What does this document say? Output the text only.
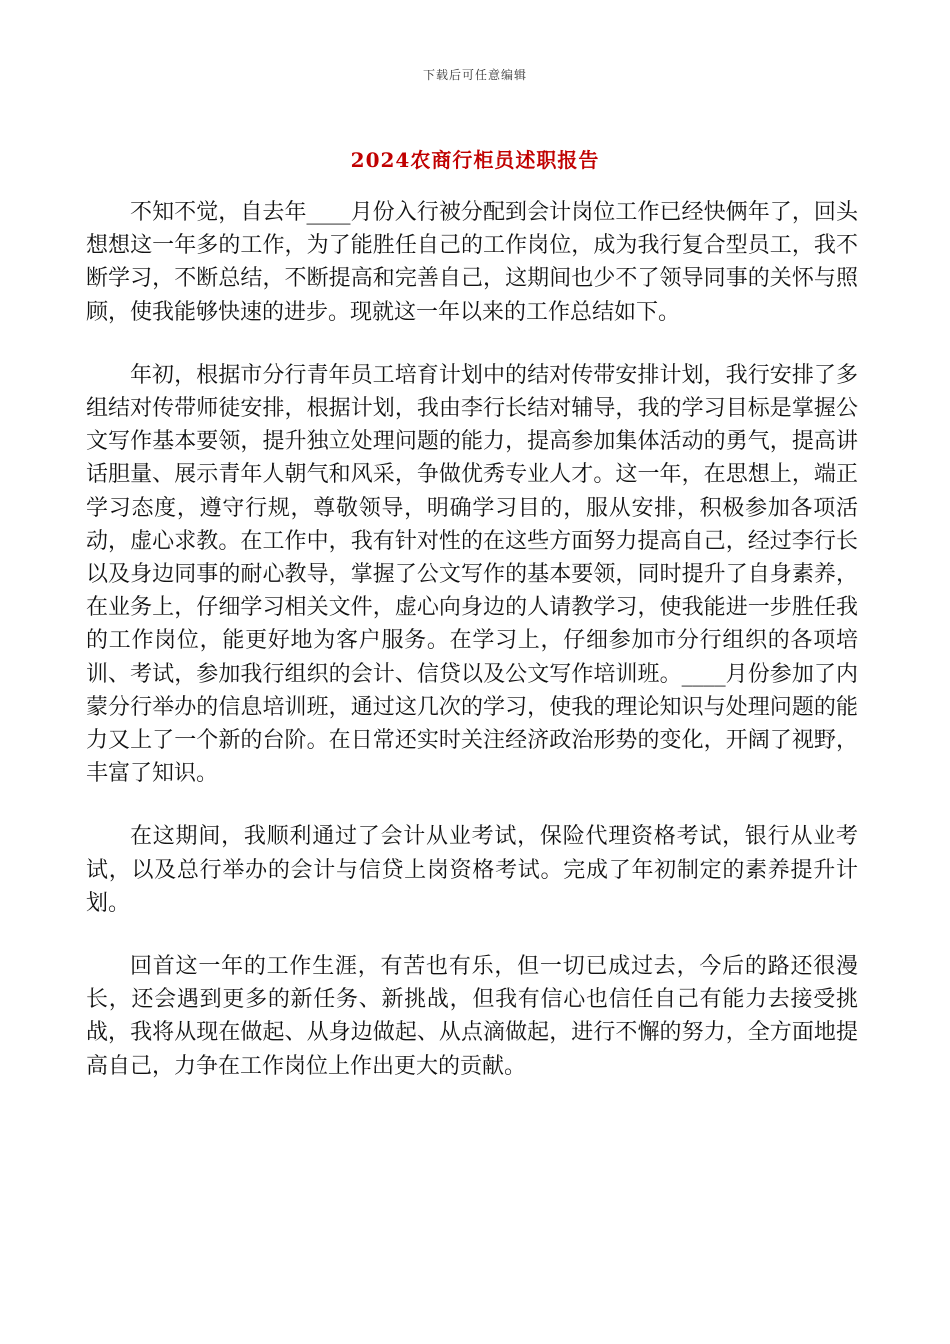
下载后可任意编辑
2024农商行柜员述职报告

不知不觉，自去年____月份入行被分配到会计岗位工作已经快俩年了，回头想想这一年多的工作，为了能胜任自己的工作岗位，成为我行复合型员工，我不断学习，不断总结，不断提高和完善自己，这期间也少不了领导同事的关怀与照顾，使我能够快速的进步。现就这一年以来的工作总结如下。

年初，根据市分行青年员工培育计划中的结对传带安排计划，我行安排了多组结对传带师徒安排，根据计划，我由李行长结对辅导，我的学习目标是掌握公文写作基本要领，提升独立处理问题的能力，提高参加集体活动的勇气，提高讲话胆量、展示青年人朝气和风采，争做优秀专业人才。这一年，在思想上，端正学习态度，遵守行规，尊敬领导，明确学习目的，服从安排，积极参加各项活动，虚心求教。在工作中，我有针对性的在这些方面努力提高自己，经过李行长以及身边同事的耐心教导，掌握了公文写作的基本要领，同时提升了自身素养，在业务上，仔细学习相关文件，虚心向身边的人请教学习，使我能进一步胜任我的工作岗位，能更好地为客户服务。在学习上，仔细参加市分行组织的各项培训、考试，参加我行组织的会计、信贷以及公文写作培训班。____月份参加了内蒙分行举办的信息培训班，通过这几次的学习，使我的理论知识与处理问题的能力又上了一个新的台阶。在日常还实时关注经济政治形势的变化，开阔了视野，丰富了知识。

在这期间，我顺利通过了会计从业考试，保险代理资格考试，银行从业考试，以及总行举办的会计与信贷上岗资格考试。完成了年初制定的素养提升计划。

回首这一年的工作生涯，有苦也有乐，但一切已成过去，今后的路还很漫长，还会遇到更多的新任务、新挑战，但我有信心也信任自己有能力去接受挑战，我将从现在做起、从身边做起、从点滴做起，进行不懈的努力，全方面地提高自己，力争在工作岗位上作出更大的贡献。
